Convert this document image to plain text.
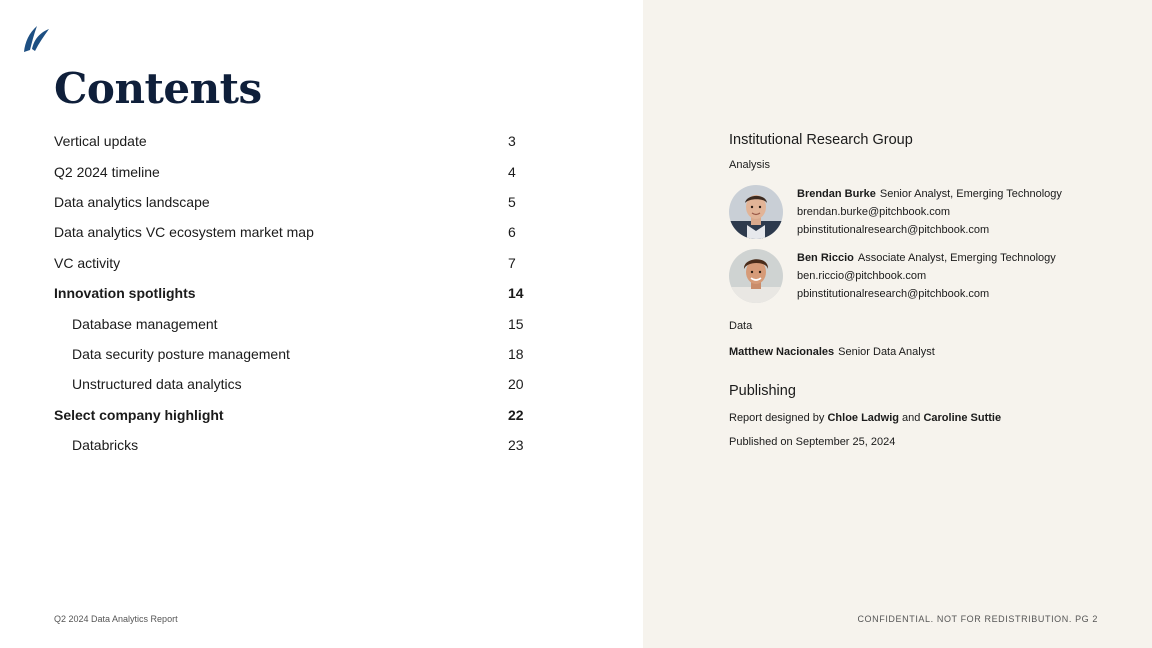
Contents
Vertical update	3
Q2 2024 timeline	4
Data analytics landscape	5
Data analytics VC ecosystem market map	6
VC activity	7
Innovation spotlights	14
Database management	15
Data security posture management	18
Unstructured data analytics	20
Select company highlight	22
Databricks	23
Q2 2024 Data Analytics Report
Institutional Research Group
Analysis
Brendan Burke Senior Analyst, Emerging Technology
brendan.burke@pitchbook.com
pbinstitutionalresearch@pitchbook.com
Ben Riccio Associate Analyst, Emerging Technology
ben.riccio@pitchbook.com
pbinstitutionalresearch@pitchbook.com
Data
Matthew Nacionales Senior Data Analyst
Publishing
Report designed by Chloe Ladwig and Caroline Suttie
Published on September 25, 2024
CONFIDENTIAL. NOT FOR REDISTRIBUTION. PG 2
